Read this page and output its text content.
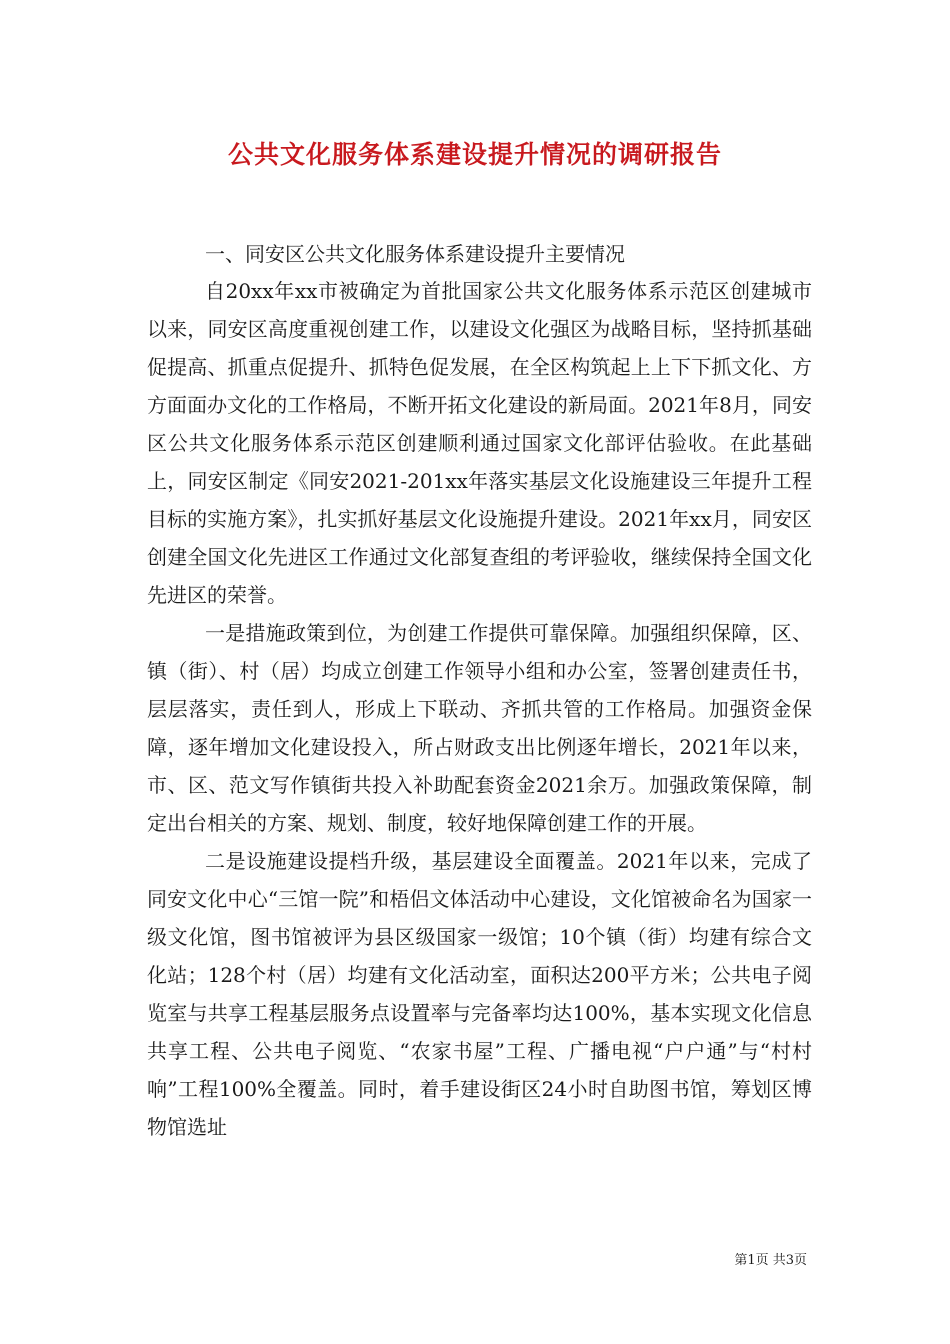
公共文化服务体系建设提升情况的调研报告
一、同安区公共文化服务体系建设提升主要情况

自20xx年xx市被确定为首批国家公共文化服务体系示范区创建城市以来，同安区高度重视创建工作，以建设文化强区为战略目标，坚持抓基础促提高、抓重点促提升、抓特色促发展，在全区构筑起上上下下抓文化、方方面面办文化的工作格局，不断开拓文化建设的新局面。2021年8月，同安区公共文化服务体系示范区创建顺利通过国家文化部评估验收。在此基础上，同安区制定《同安2021-201xx年落实基层文化设施建设三年提升工程目标的实施方案》，扎实抓好基层文化设施提升建设。2021年xx月，同安区创建全国文化先进区工作通过文化部复查组的考评验收，继续保持全国文化先进区的荣誉。

一是措施政策到位，为创建工作提供可靠保障。加强组织保障，区、镇（街）、村（居）均成立创建工作领导小组和办公室，签署创建责任书，层层落实，责任到人，形成上下联动、齐抓共管的工作格局。加强资金保障，逐年增加文化建设投入，所占财政支出比例逐年增长，2021年以来，市、区、范文写作镇街共投入补助配套资金2021余万。加强政策保障，制定出台相关的方案、规划、制度，较好地保障创建工作的开展。

二是设施建设提档升级，基层建设全面覆盖。2021年以来，完成了同安文化中心“三馆一院”和梧侣文体活动中心建设，文化馆被命名为国家一级文化馆，图书馆被评为县区级国家一级馆；10个镇（街）均建有综合文化站；128个村（居）均建有文化活动室，面积达200平方米；公共电子阅览室与共享工程基层服务点设置率与完备率均达100%，基本实现文化信息共享工程、公共电子阅览、“农家书屋”工程、广播电视“户户通”与“村村响”工程100%全覆盖。同时，着手建设街区24小时自助图书馆，筹划区博物馆选址

第1页 共3页
